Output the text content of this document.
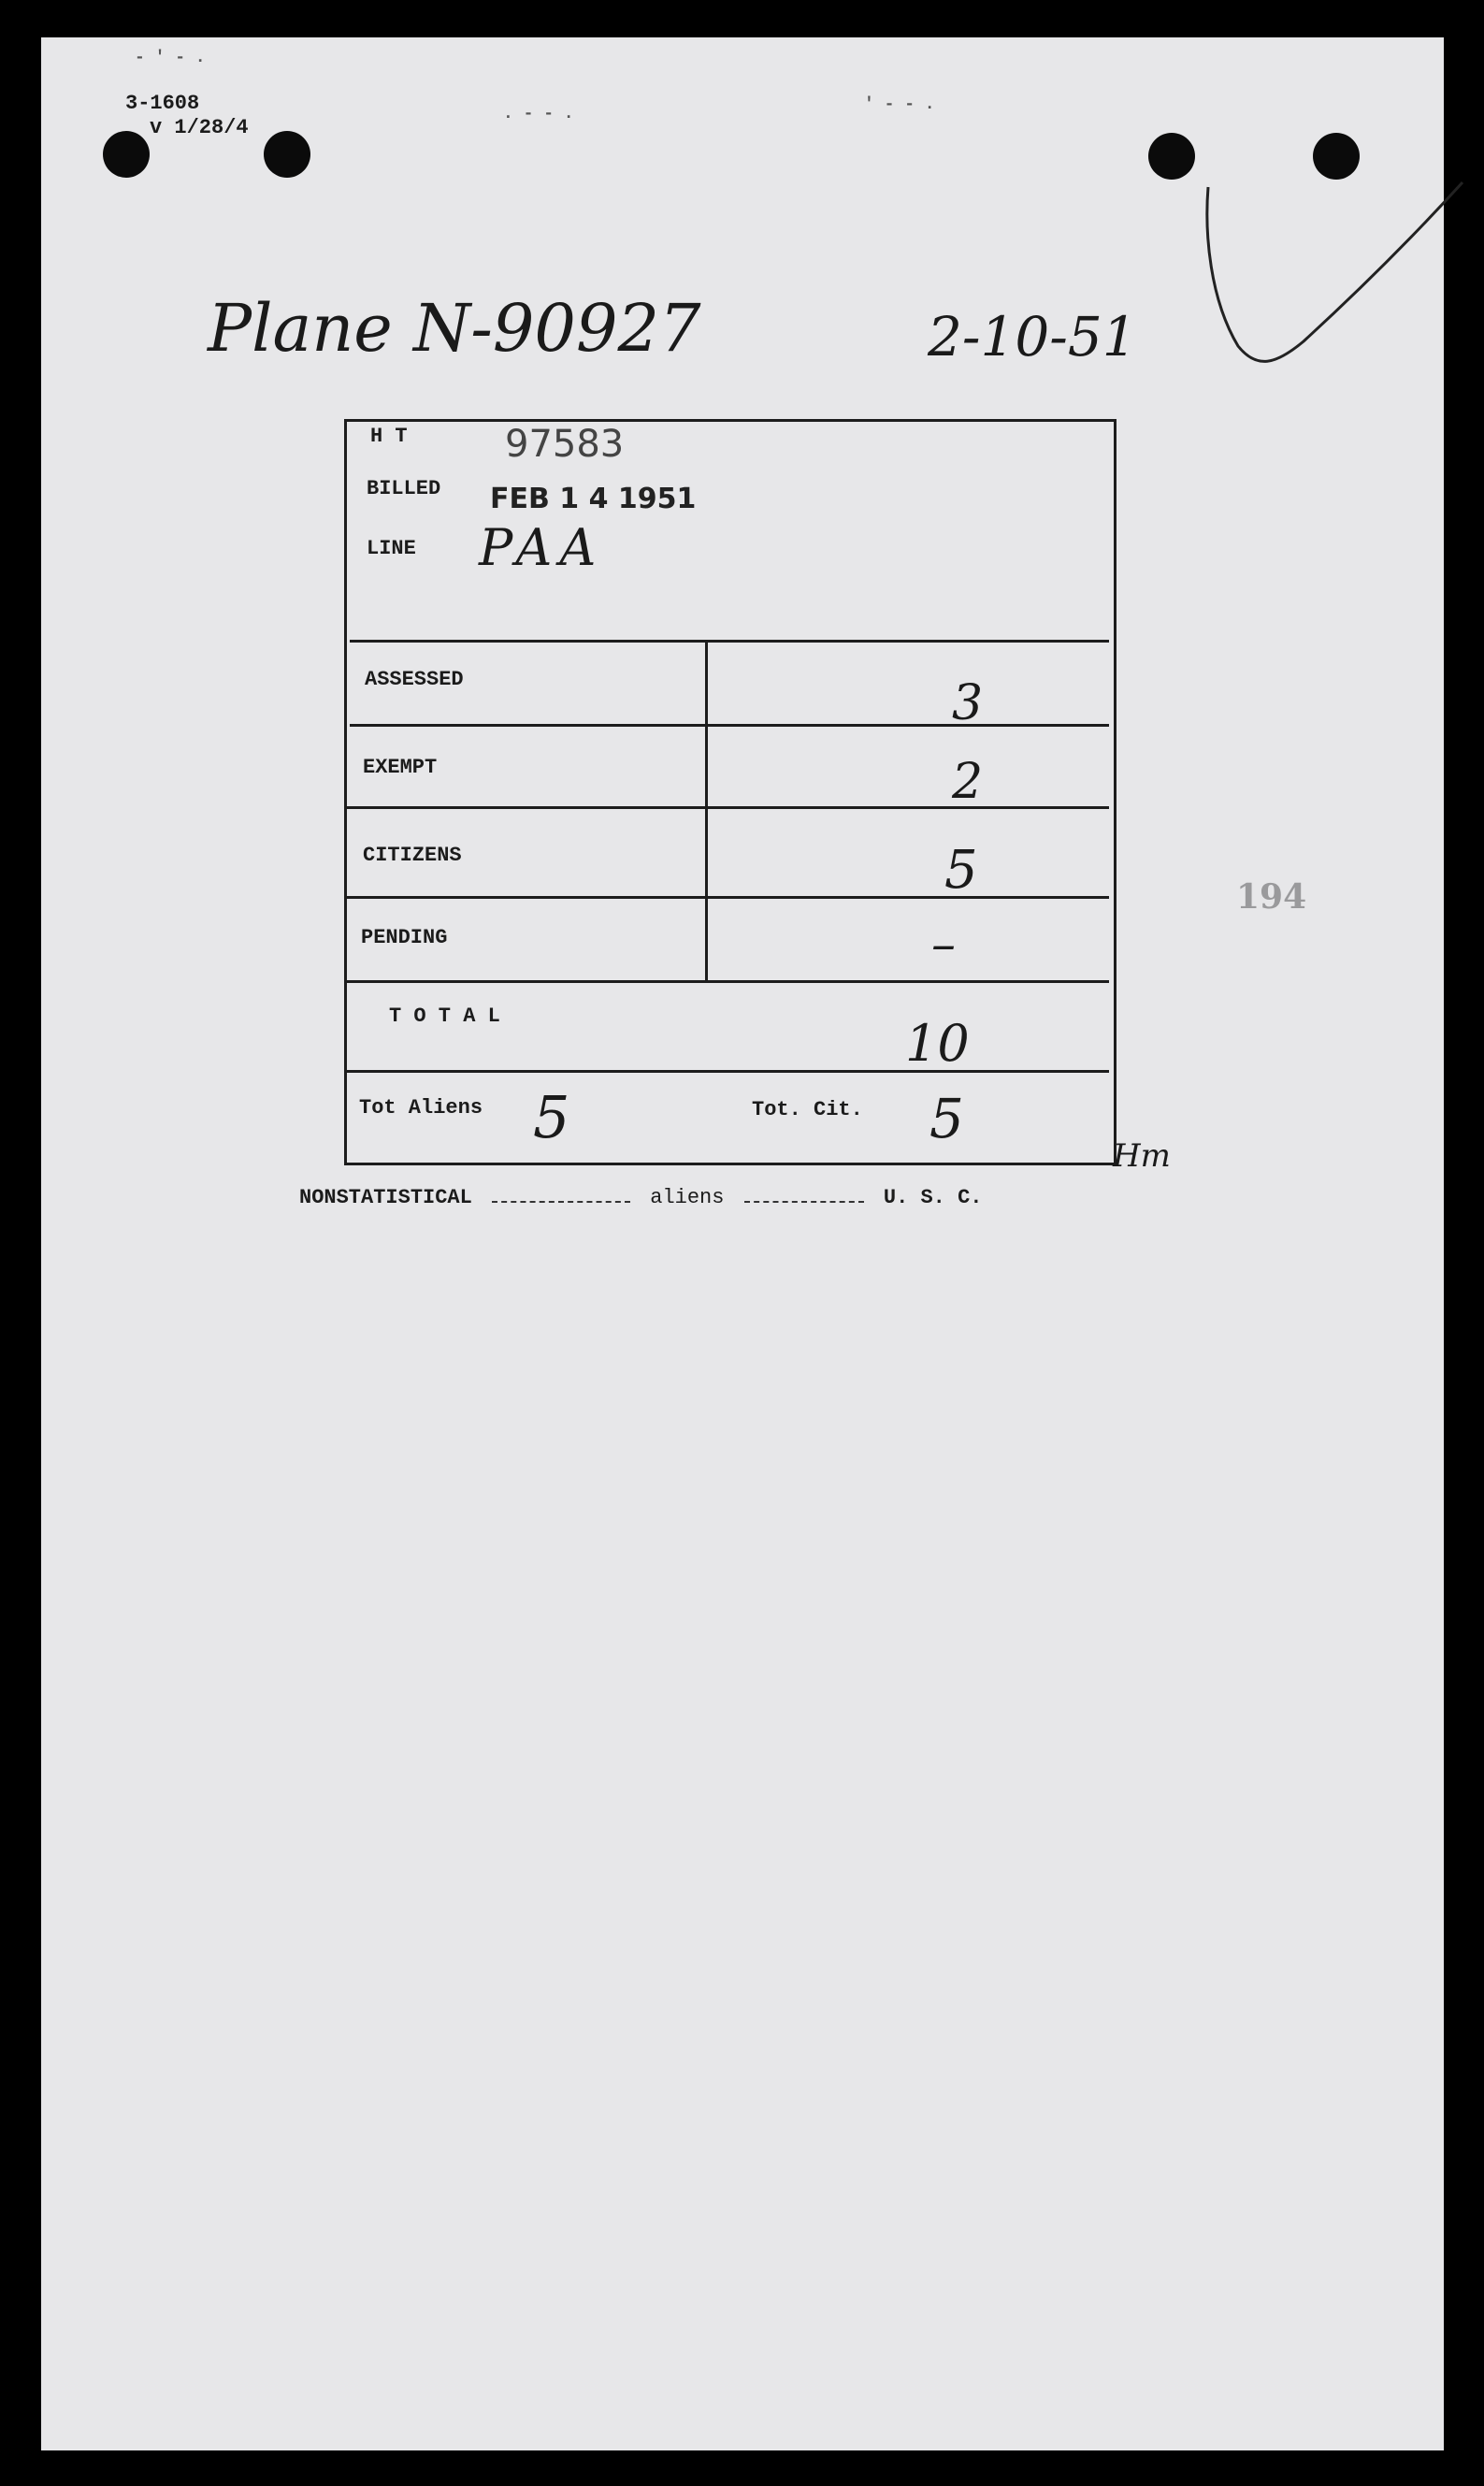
3-1608
v 1/28/4
- ' - .
. - - .	' - - .
Plane N-90927	2-10-51
H T	97583
BILLED FEB 1 4 1951
LINE PAA
ASSESSED	3
EXEMPT	2
CITIZENS	5
PENDING	–
T O T A L	10
Tot Aliens 5	Tot. Cit. 5
Hm
NONSTATISTICAL	aliens	U. S. C.
194
